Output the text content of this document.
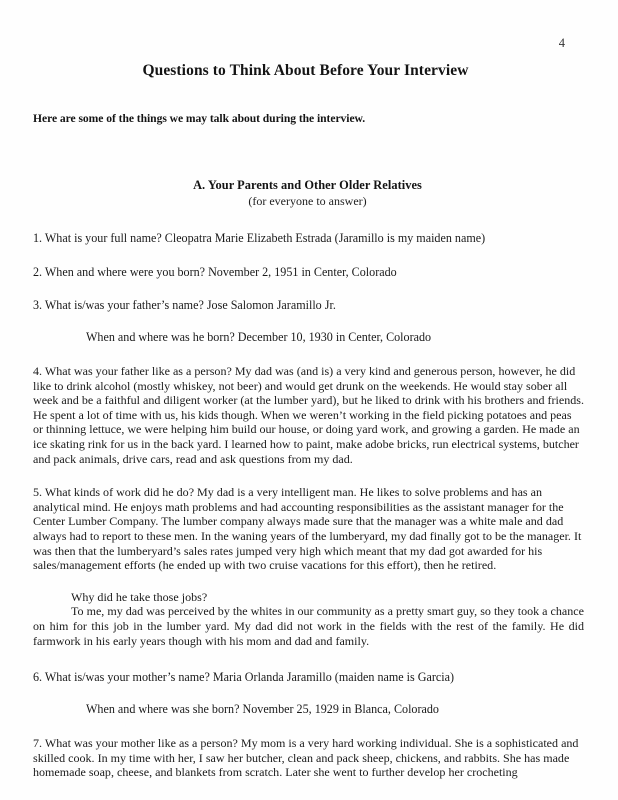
4
Questions to Think About Before Your Interview

Here are some of the things we may talk about during the interview.

A. Your Parents and Other Older Relatives
(for everyone to answer)

1. What is your full name? Cleopatra Marie Elizabeth Estrada (Jaramillo is my maiden name)

2. When and where were you born? November 2, 1951 in Center, Colorado

3. What is/was your father’s name? Jose Salomon Jaramillo Jr.

When and where was he born? December 10, 1930 in Center, Colorado

4. What was your father like as a person? My dad was (and is) a very kind and generous person, however, he did like to drink alcohol (mostly whiskey, not beer) and would get drunk on the weekends. He would stay sober all week and be a faithful and diligent worker (at the lumber yard), but he liked to drink with his brothers and friends. He spent a lot of time with us, his kids though. When we weren’t working in the field picking potatoes and peas or thinning lettuce, we were helping him build our house, or doing yard work, and growing a garden. He made an ice skating rink for us in the back yard. I learned how to paint, make adobe bricks, run electrical systems, butcher and pack animals, drive cars, read and ask questions from my dad.

5. What kinds of work did he do? My dad is a very intelligent man. He likes to solve problems and has an analytical mind. He enjoys math problems and had accounting responsibilities as the assistant manager for the Center Lumber Company. The lumber company always made sure that the manager was a white male and dad always had to report to these men. In the waning years of the lumberyard, my dad finally got to be the manager. It was then that the lumberyard’s sales rates jumped very high which meant that my dad got awarded for his sales/management efforts (he ended up with two cruise vacations for this effort), then he retired.

Why did he take those jobs?

To me, my dad was perceived by the whites in our community as a pretty smart guy, so they took a chance on him for this job in the lumber yard. My dad did not work in the fields with the rest of the family. He did farmwork in his early years though with his mom and dad and family.

6. What is/was your mother’s name? Maria Orlanda Jaramillo (maiden name is Garcia)

When and where was she born? November 25, 1929 in Blanca, Colorado

7. What was your mother like as a person? My mom is a very hard working individual. She is a sophisticated and skilled cook. In my time with her, I saw her butcher, clean and pack sheep, chickens, and rabbits. She has made homemade soap, cheese, and blankets from scratch. Later she went to further develop her crocheting
